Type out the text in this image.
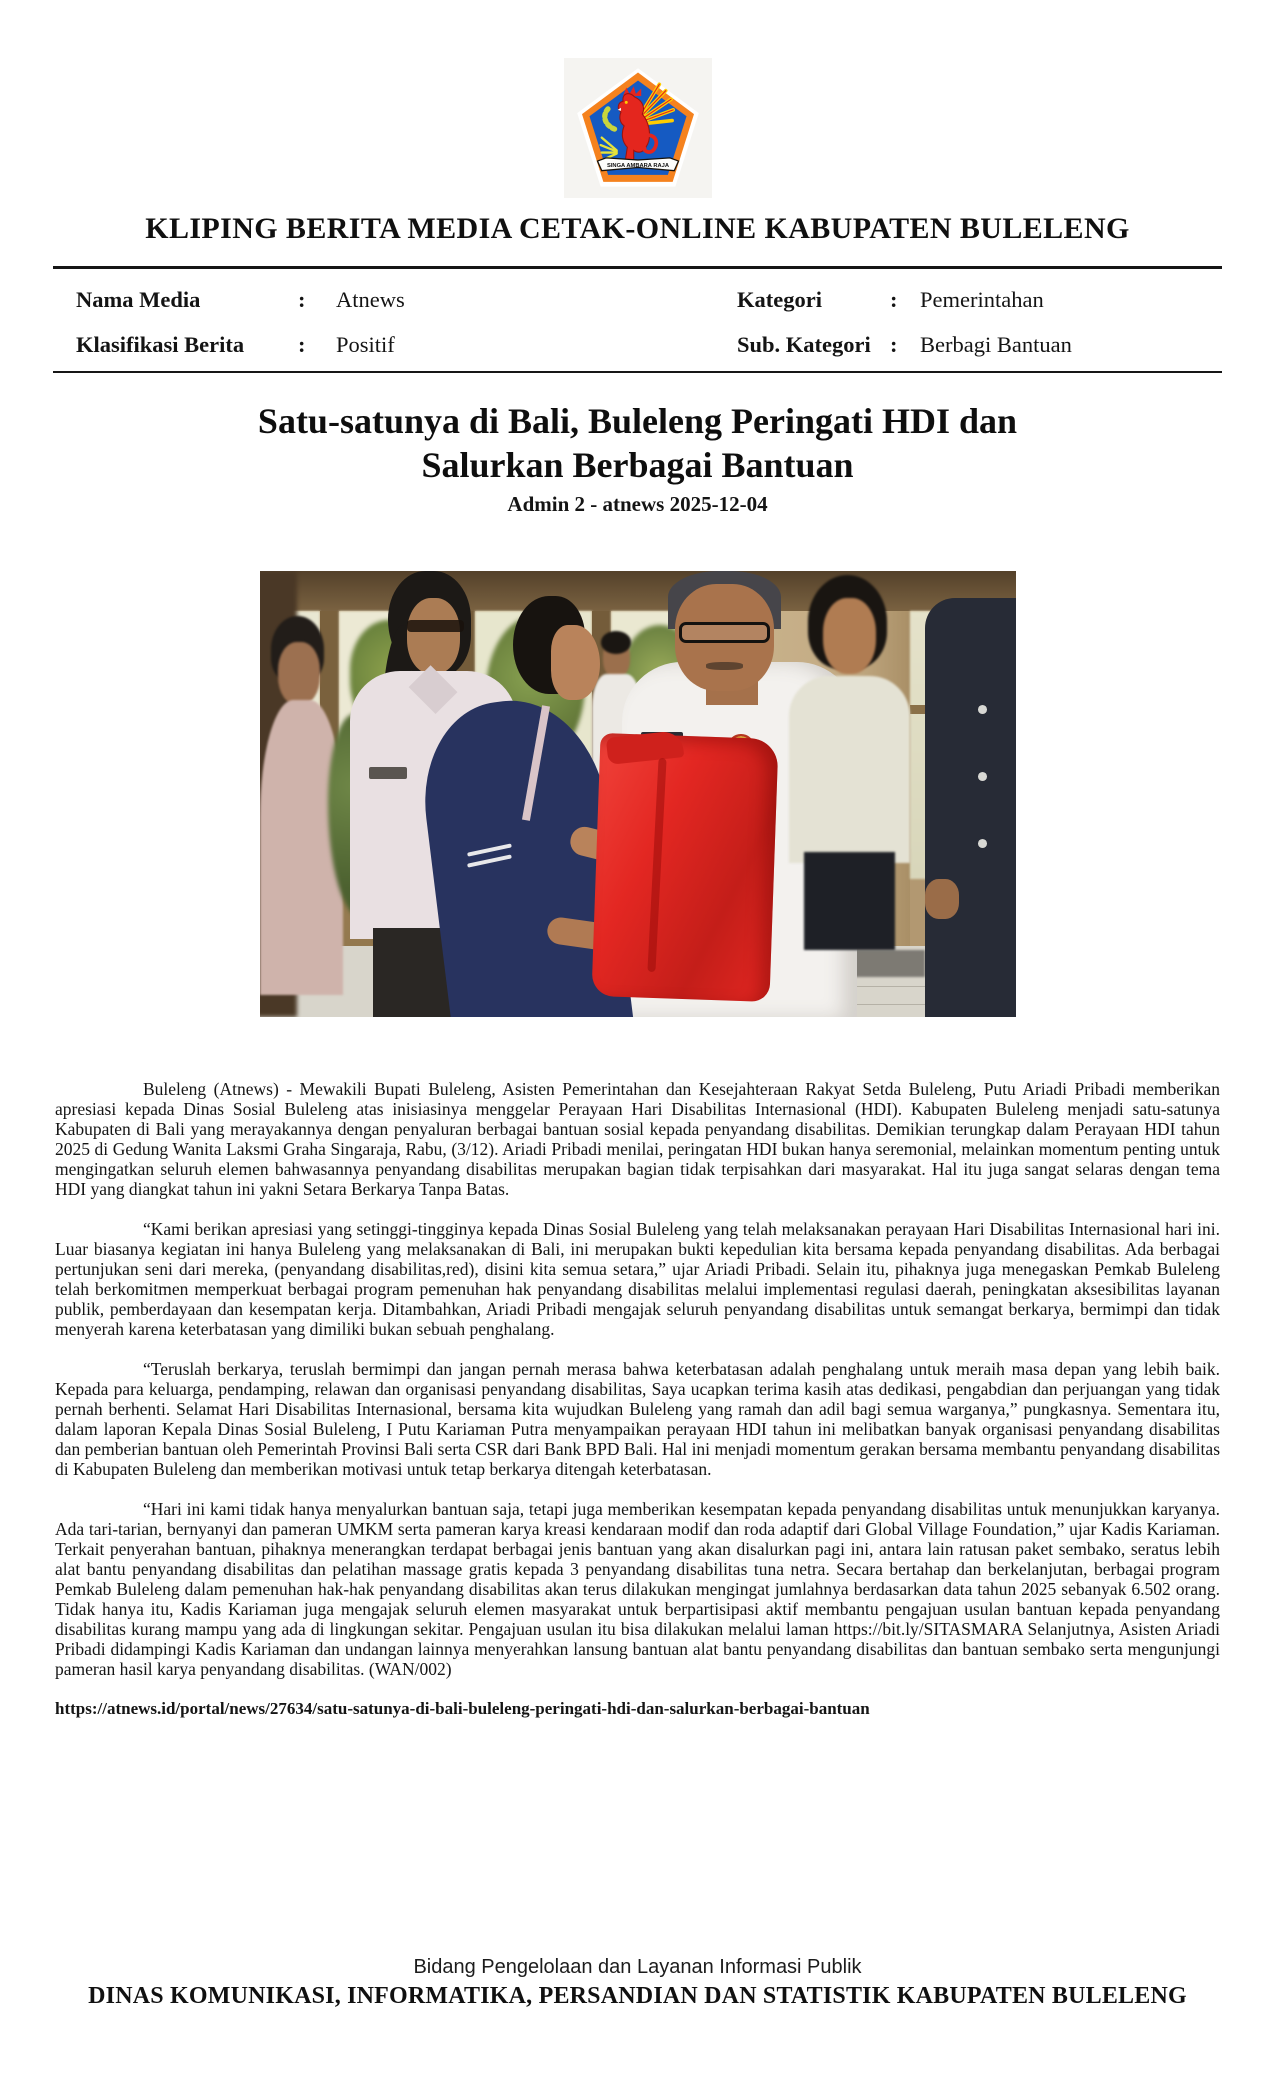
SINGA AMBARA RAJA
KLIPING BERITA MEDIA CETAK-ONLINE KABUPATEN BULELENG
Nama Media	:	Atnews
Klasifikasi Berita	:	Positif
Kategori	:	Pemerintahan
Sub. Kategori :	Berbagi Bantuan
Satu-satunya di Bali, Buleleng Peringati HDI dan
Salurkan Berbagai Bantuan
Admin 2 - atnews 2025-12-04

Buleleng (Atnews) - Mewakili Bupati Buleleng, Asisten Pemerintahan dan Kesejahteraan Rakyat Setda Buleleng, Putu Ariadi Pribadi memberikan apresiasi kepada Dinas Sosial Buleleng atas inisiasinya menggelar Perayaan Hari Disabilitas Internasional (HDI). Kabupaten Buleleng menjadi satu-satunya Kabupaten di Bali yang merayakannya dengan penyaluran berbagai bantuan sosial kepada penyandang disabilitas. Demikian terungkap dalam Perayaan HDI tahun 2025 di Gedung Wanita Laksmi Graha Singaraja, Rabu, (3/12). Ariadi Pribadi menilai, peringatan HDI bukan hanya seremonial, melainkan momentum penting untuk mengingatkan seluruh elemen bahwasannya penyandang disabilitas merupakan bagian tidak terpisahkan dari masyarakat. Hal itu juga sangat selaras dengan tema HDI yang diangkat tahun ini yakni Setara Berkarya Tanpa Batas.

“Kami berikan apresiasi yang setinggi-tingginya kepada Dinas Sosial Buleleng yang telah melaksanakan perayaan Hari Disabilitas Internasional hari ini. Luar biasanya kegiatan ini hanya Buleleng yang melaksanakan di Bali, ini merupakan bukti kepedulian kita bersama kepada penyandang disabilitas. Ada berbagai pertunjukan seni dari mereka, (penyandang disabilitas,red), disini kita semua setara,” ujar Ariadi Pribadi. Selain itu, pihaknya juga menegaskan Pemkab Buleleng telah berkomitmen memperkuat berbagai program pemenuhan hak penyandang disabilitas melalui implementasi regulasi daerah, peningkatan aksesibilitas layanan publik, pemberdayaan dan kesempatan kerja. Ditambahkan, Ariadi Pribadi mengajak seluruh penyandang disabilitas untuk semangat berkarya, bermimpi dan tidak menyerah karena keterbatasan yang dimiliki bukan sebuah penghalang.

“Teruslah berkarya, teruslah bermimpi dan jangan pernah merasa bahwa keterbatasan adalah penghalang untuk meraih masa depan yang lebih baik. Kepada para keluarga, pendamping, relawan dan organisasi penyandang disabilitas, Saya ucapkan terima kasih atas dedikasi, pengabdian dan perjuangan yang tidak pernah berhenti. Selamat Hari Disabilitas Internasional, bersama kita wujudkan Buleleng yang ramah dan adil bagi semua warganya,” pungkasnya. Sementara itu, dalam laporan Kepala Dinas Sosial Buleleng, I Putu Kariaman Putra menyampaikan perayaan HDI tahun ini melibatkan banyak organisasi penyandang disabilitas dan pemberian bantuan oleh Pemerintah Provinsi Bali serta CSR dari Bank BPD Bali. Hal ini menjadi momentum gerakan bersama membantu penyandang disabilitas di Kabupaten Buleleng dan memberikan motivasi untuk tetap berkarya ditengah keterbatasan.

“Hari ini kami tidak hanya menyalurkan bantuan saja, tetapi juga memberikan kesempatan kepada penyandang disabilitas untuk menunjukkan karyanya. Ada tari-tarian, bernyanyi dan pameran UMKM serta pameran karya kreasi kendaraan modif dan roda adaptif dari Global Village Foundation,” ujar Kadis Kariaman. Terkait penyerahan bantuan, pihaknya menerangkan terdapat berbagai jenis bantuan yang akan disalurkan pagi ini, antara lain ratusan paket sembako, seratus lebih alat bantu penyandang disabilitas dan pelatihan massage gratis kepada 3 penyandang disabilitas tuna netra. Secara bertahap dan berkelanjutan, berbagai program Pemkab Buleleng dalam pemenuhan hak-hak penyandang disabilitas akan terus dilakukan mengingat jumlahnya berdasarkan data tahun 2025 sebanyak 6.502 orang. Tidak hanya itu, Kadis Kariaman juga mengajak seluruh elemen masyarakat untuk berpartisipasi aktif membantu pengajuan usulan bantuan kepada penyandang disabilitas kurang mampu yang ada di lingkungan sekitar. Pengajuan usulan itu bisa dilakukan melalui laman https://bit.ly/SITASMARA Selanjutnya, Asisten Ariadi Pribadi didampingi Kadis Kariaman dan undangan lainnya menyerahkan lansung bantuan alat bantu penyandang disabilitas dan bantuan sembako serta mengunjungi pameran hasil karya penyandang disabilitas. (WAN/002)

https://atnews.id/portal/news/27634/satu-satunya-di-bali-buleleng-peringati-hdi-dan-salurkan-berbagai-bantuan

Bidang Pengelolaan dan Layanan Informasi Publik
DINAS KOMUNIKASI, INFORMATIKA, PERSANDIAN DAN STATISTIK KABUPATEN BULELENG
